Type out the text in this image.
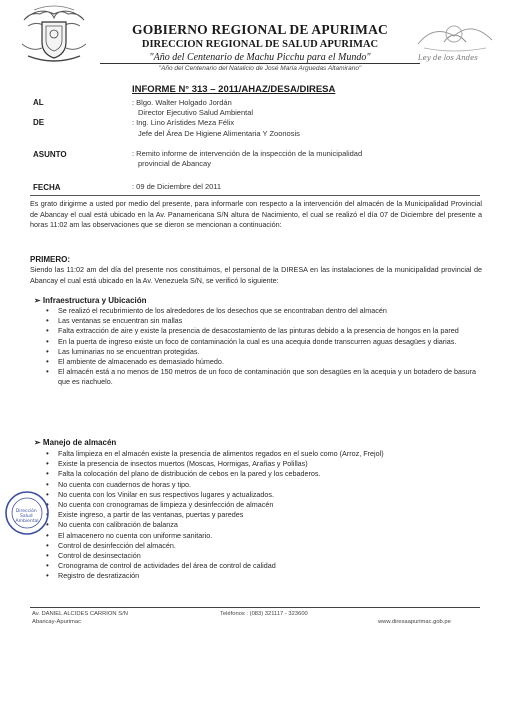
Ley de los Andes
GOBIERNO REGIONAL DE APURIMAC
DIRECCION REGIONAL DE SALUD APURIMAC
"Año del Centenario de Machu Picchu para el Mundo"
"Año del Centenario del Natalicio de José María Arguedas Altamirano"
INFORME N° 313 – 2011/AHAZ/DESA/DIRESA
AL	: Blgo. Walter Holgado Jordán
Director Ejecutivo Salud Ambiental
DE	: Ing. Lino Arístides Meza Félix
Jefe del Área De Higiene Alimentaria Y Zoonosis
ASUNTO	: Remito informe de intervención de la inspección de la municipalidad
provincial de Abancay
FECHA	: 09 de Diciembre del 2011
Es grato dirigirme a usted por medio del presente, para informarle con respecto a la intervención del almacén de la Municipalidad Provincial de Abancay el cual está ubicado en la Av. Panamericana S/N altura de Nacimiento, el cual se realizó el día 07 de Diciembre del presente a horas 11:02 am las observaciones que se dieron se mencionan a continuación:
PRIMERO:
Siendo las 11:02 am del día del presente nos constituimos, el personal de la DIRESA en las instalaciones de la municipalidad provincial de Abancay el cual está ubicado en la Av. Venezuela S/N, se verificó lo siguiente:
➢ Infraestructura y Ubicación
• Se realizó el recubrimiento de los alrededores de los desechos que se encontraban dentro del almacén
• Las ventanas se encuentran sin mallas
• Falta extracción de aire y existe la presencia de desacostamiento de las pinturas debido a la presencia de hongos en la pared
• En la puerta de ingreso existe un foco de contaminación la cual es una acequia donde transcurren aguas desagües y diarias.
• Las luminarias no se encuentran protegidas.
• El ambiente de almacenado es demasiado húmedo.
• El almacén está a no menos de 150 metros de un foco de contaminación que son desagües en la acequia y un botadero de basura que es riachuelo.
➢ Manejo de almacén
• Falta limpieza en el almacén existe la presencia de alimentos regados en el suelo como (Arroz, Frejol)
• Existe la presencia de insectos muertos (Moscas, Hormigas, Arañas y Polillas)
• Falta la colocación del plano de distribución de cebos en la pared y los cebaderos.
• No cuenta con cuadernos de horas y tipo.
• No cuenta con los Vinilar en sus respectivos lugares y actualizados.
• No cuenta con cronogramas de limpieza y desinfección de almacén
• Existe ingreso, a partir de las ventanas, puertas y paredes
• No cuenta con calibración de balanza
• El almacenero no cuenta con uniforme sanitario.
• Control de desinfección del almacén.
• Control de desinsectación
• Cronograma de control de actividades del área de control de calidad
• Registro de desratización
Dirección Salud Ambiental
Av. DANIEL ALCIDES CARRION S/N
Abancay-Apurimac
Teléfonos : (083) 321117 - 323600
www.diresaapurimac.gob.pe
